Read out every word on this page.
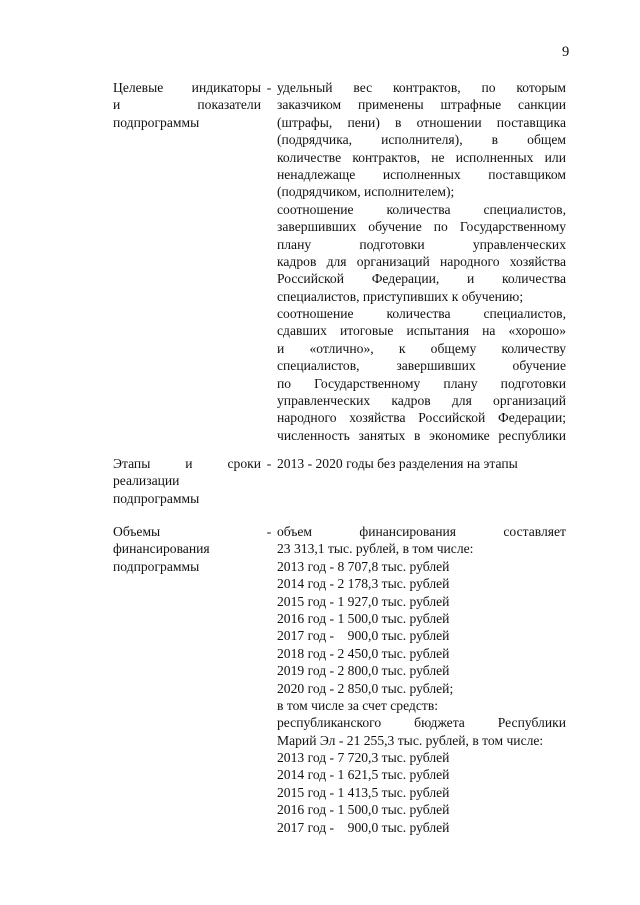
9
Целевые индикаторы
и показатели
подпрограммы
- удельный вес контрактов, по которым
заказчиком применены штрафные санкции
(штрафы, пени) в отношении поставщика
(подрядчика, исполнителя), в общем
количестве контрактов, не исполненных или
ненадлежаще исполненных поставщиком
(подрядчиком, исполнителем);
соотношение количества специалистов,
завершивших обучение по Государственному
плану подготовки управленческих
кадров для организаций народного хозяйства
Российской Федерации, и количества
специалистов, приступивших к обучению;
соотношение количества специалистов,
сдавших итоговые испытания на «хорошо»
и «отлично», к общему количеству
специалистов, завершивших обучение
по Государственному плану подготовки
управленческих кадров для организаций
народного хозяйства Российской Федерации;
численность занятых в экономике республики
Этапы и сроки
реализации
подпрограммы
- 2013 - 2020 годы без разделения на этапы
Объемы
финансирования
подпрограммы
- объем финансирования составляет
23 313,1 тыс. рублей, в том числе:
2013 год - 8 707,8 тыс. рублей
2014 год - 2 178,3 тыс. рублей
2015 год - 1 927,0 тыс. рублей
2016 год - 1 500,0 тыс. рублей
2017 год -    900,0 тыс. рублей
2018 год - 2 450,0 тыс. рублей
2019 год - 2 800,0 тыс. рублей
2020 год - 2 850,0 тыс. рублей;
в том числе за счет средств:
республиканского бюджета Республики
Марий Эл - 21 255,3 тыс. рублей, в том числе:
2013 год - 7 720,3 тыс. рублей
2014 год - 1 621,5 тыс. рублей
2015 год - 1 413,5 тыс. рублей
2016 год - 1 500,0 тыс. рублей
2017 год -    900,0 тыс. рублей
